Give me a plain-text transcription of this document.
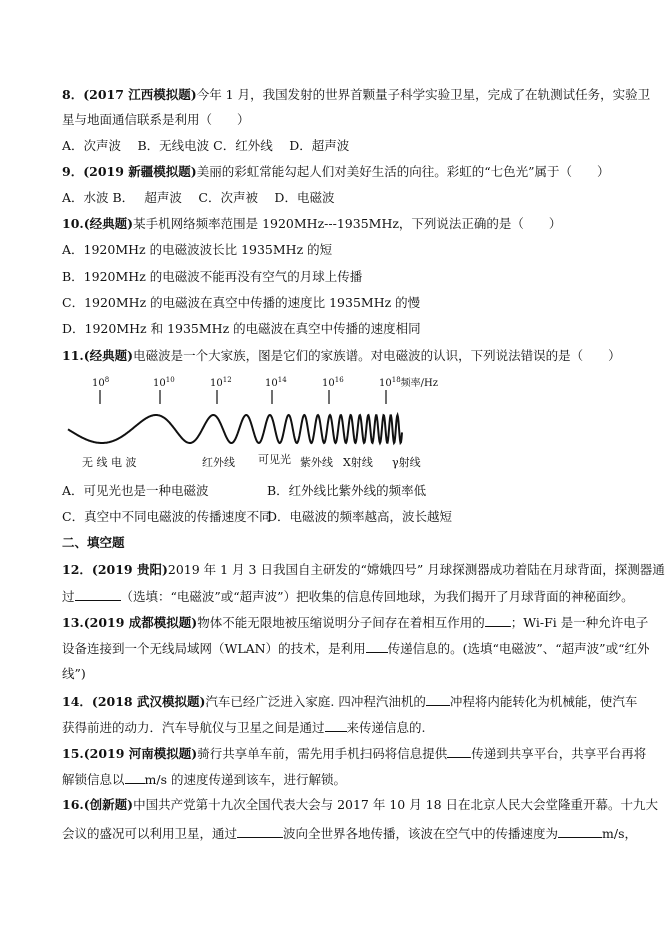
8．(2017 江西模拟题)今年 1 月，我国发射的世界首颗量子科学实验卫星，完成了在轨测试任务，实验卫
星与地面通信联系是利用（　　）
A．次声波　 B．无线电波 C．红外线　 D．超声波
9．(2019 新疆模拟题)美丽的彩虹常能勾起人们对美好生活的向往。彩虹的“七色光”属于（　　）
A．水波 B．　 超声波　 C．次声被　 D．电磁波
10.(经典题)某手机网络频率范围是 1920MHz---1935MHz，下列说法正确的是（　　）
A．1920MHz 的电磁波波长比 1935MHz 的短
B．1920MHz 的电磁波不能再没有空气的月球上传播
C．1920MHz 的电磁波在真空中传播的速度比 1935MHz 的慢
D．1920MHz 和 1935MHz 的电磁波在真空中传播的速度相同
11.(经典题)电磁波是一个大家族，图是它们的家族谱。对电磁波的认识，下列说法错误的是（　　）
$10^8$	$10^{10}$	$10^{12}$	$10^{14}$	$10^{16}$	$10^{18}$频率/Hz
无 线 电 波	红外线 可见光 紫外线 X射线 γ射线
A．可见光也是一种电磁波	B．红外线比紫外线的频率低
C．真空中不同电磁波的传播速度不同D．电磁波的频率越高，波长越短
二、填空题
12．(2019 贵阳)2019 年 1 月 3 日我国自主研发的“嫦娥四号” 月球探测器成功着陆在月球背面，探测器通
过	（选填：“电磁波”或“超声波”）把收集的信息传回地球，为我们揭开了月球背面的神秘面纱。
13.(2019 成都模拟题)物体不能无限地被压缩说明分子间存在着相互作用的 ；Wi-Fi 是一种允许电子
设备连接到一个无线局域网（WLAN）的技术，是利用 传递信息的。(选填“电磁波”、“超声波”或“红外
线”)
14．(2018 武汉模拟题)汽车已经广泛进入家庭. 四冲程汽油机的 冲程将内能转化为机械能，使汽车
获得前进的动力．汽车导航仪与卫星之间是通过 来传递信息的.
15.(2019 河南模拟题)骑行共享单车前，需先用手机扫码将信息提供 传递到共享平台，共享平台再将
解锁信息以 m/s 的速度传递到该车，进行解锁。
16.(创新题)中国共产党第十九次全国代表大会与 2017 年 10 月 18 日在北京人民大会堂隆重开幕。十九大
会议的盛况可以利用卫星，通过	波向全世界各地传播，该波在空气中的传播速度为	m/s，
